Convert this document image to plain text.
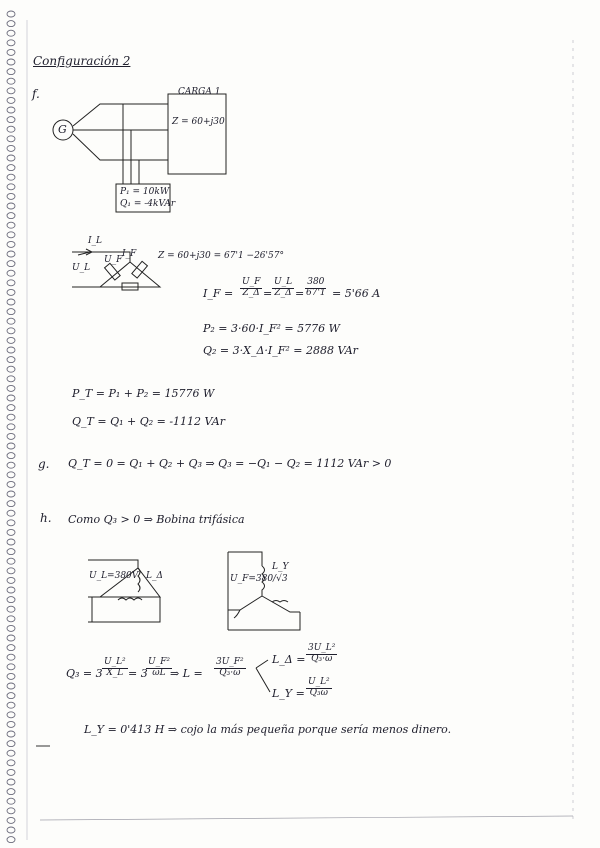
Configuración 2
f.
G
CARGA 1
Z = 60+j30
P₁ = 10kW
Q₁ = -4kVAr
I_L
U_L
U_F
I_F Z = 60+j30 = 67'1 −26'57°
I_F = $\frac{U\_F}{Z\_\Delta} = \frac{U\_L}{Z\_\Delta} = \frac{380}{67'1} = 5'66$ A
P₂ = 3·60·I_F² = 5776 W
Q₂ = 3·X_Δ·I_F² = 2888 VAr
P_T = P₁ + P₂ = 15776 W
Q_T = Q₁ + Q₂ = -1112 VAr
g. Q_T = 0 = Q₁ + Q₂ + Q₃ ⇒ Q₃ = −Q₁ − Q₂ = 1112 VAr > 0
h. Como Q₃ > 0 ⇒ Bobina trifásica
U_L=380V L_Δ	U_F=380/√3
L_Y
$Q_3 = 3 \frac{\text{U\_L²}}{X\_L} = 3$
$\frac{\text{U\_F²}}{\omega L}$
⇒ $L = \frac{\text{3U\_F²}}{\text{Q₃·ω}}$ L_Δ = $\frac{\text{3U\_L²}}{\text{Q₃·ω}}$
L_Y = $\frac{\text{U\_L²}}{\text{Q₃ω}}$
L_Y = 0'413 H ⇒ cojo la más pequeña porque sería menos dinero.
